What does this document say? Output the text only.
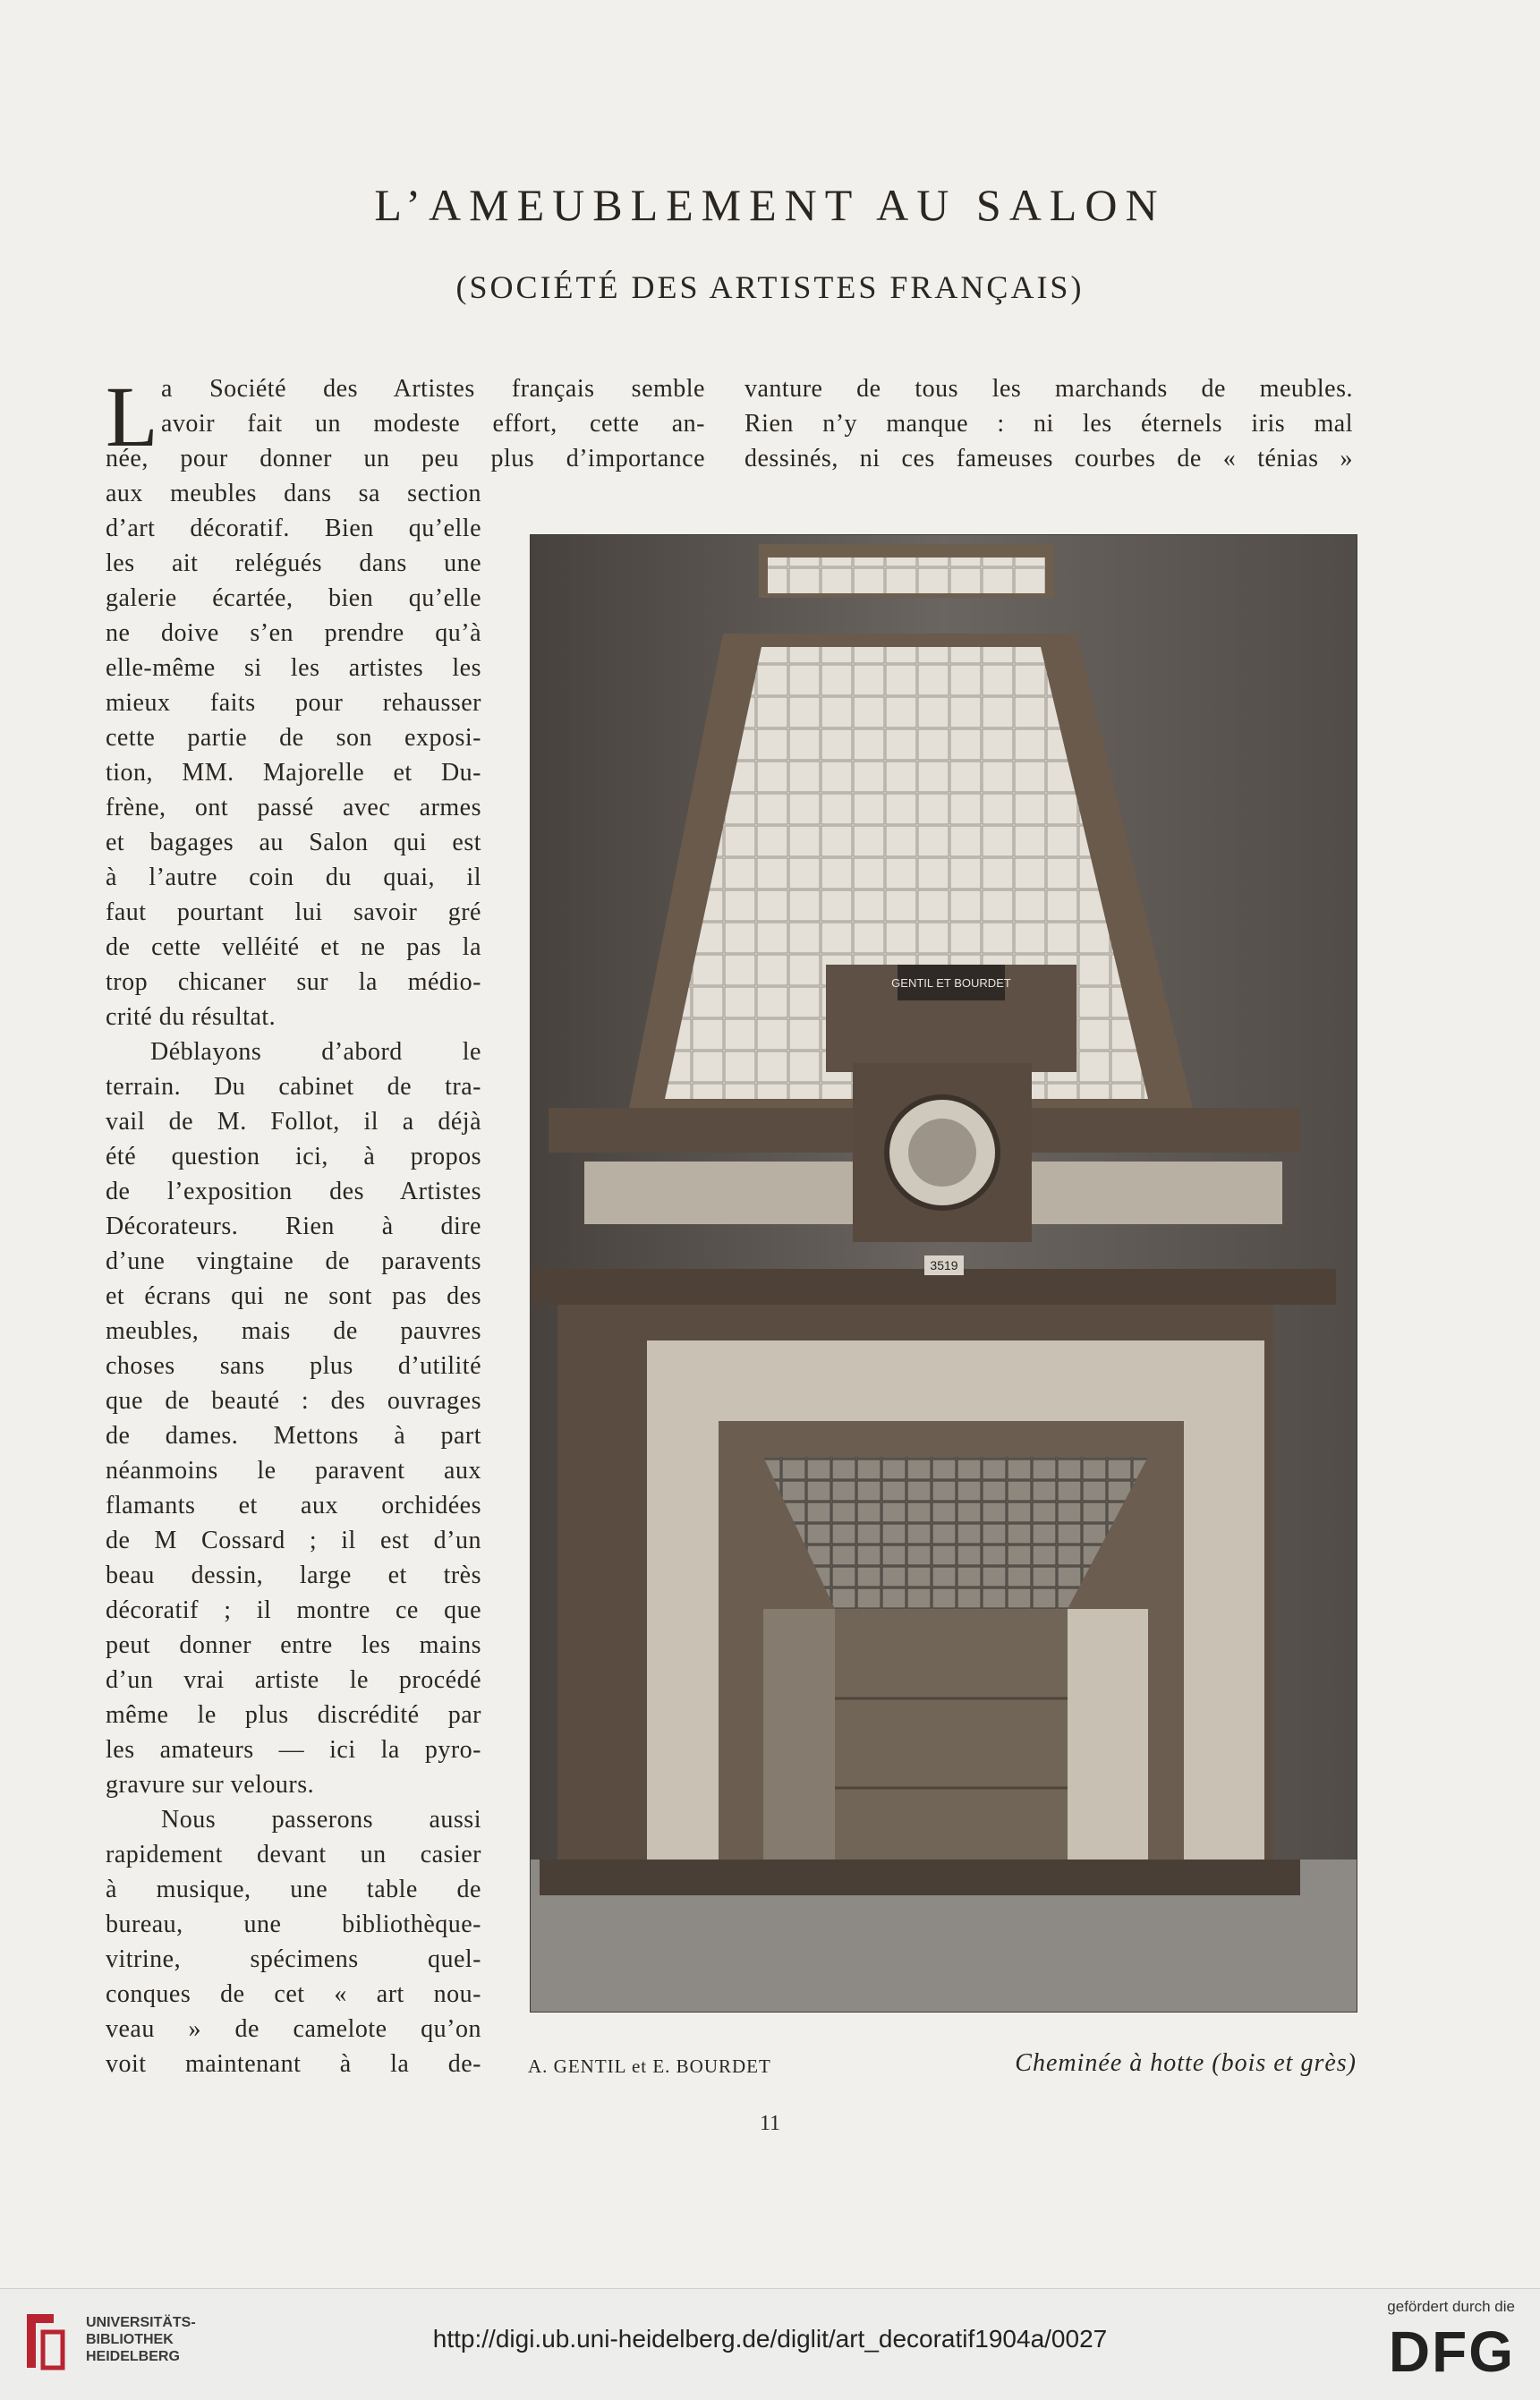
L’AMEUBLEMENT AU SALON
(SOCIÉTÉ DES ARTISTES FRANÇAIS)
L a Société des Artistes français semble
avoir fait un modeste effort, cette an-
née, pour donner un peu plus d’importance
aux meubles dans sa section
d’art décoratif. Bien qu’elle
les ait relégués dans une
galerie écartée, bien qu’elle
ne doive s’en prendre qu’à
elle-même si les artistes les
mieux faits pour rehausser
cette partie de son exposi-
tion, MM. Majorelle et Du-
frène, ont passé avec armes
et bagages au Salon qui est
à l’autre coin du quai, il
faut pourtant lui savoir gré
de cette velléité et ne pas la
trop chicaner sur la médio-
crité du résultat.
Déblayons d’abord le
terrain. Du cabinet de tra-
vail de M. Follot, il a déjà
été question ici, à propos
de l’exposition des Artistes
Décorateurs. Rien à dire
d’une vingtaine de paravents
et écrans qui ne sont pas des
meubles, mais de pauvres
choses sans plus d’utilité
que de beauté : des ouvrages
de dames. Mettons à part
néanmoins le paravent aux
flamants et aux orchidées
de M Cossard ; il est d’un
beau dessin, large et très
décoratif ; il montre ce que
peut donner entre les mains
d’un vrai artiste le procédé
même le plus discrédité par
les amateurs — ici la pyro-
gravure sur velours.
Nous passerons aussi
rapidement devant un casier
à musique, une table de
bureau, une bibliothèque-
vitrine, spécimens quel-
conques de cet « art nou-
veau » de camelote qu’on
voit maintenant à la de-
vanture de tous les marchands de meubles.
Rien n’y manque : ni les éternels iris mal
dessinés, ni ces fameuses courbes de « ténias »
GENTIL ET BOURDET
3519
A. GENTIL et E. BOURDET	Cheminée à hotte (bois et grès)
11
UNIVERSITÄTS-
BIBLIOTHEK
HEIDELBERG
http://digi.ub.uni-heidelberg.de/diglit/art_decoratif1904a/0027
gefördert durch die
DFG
